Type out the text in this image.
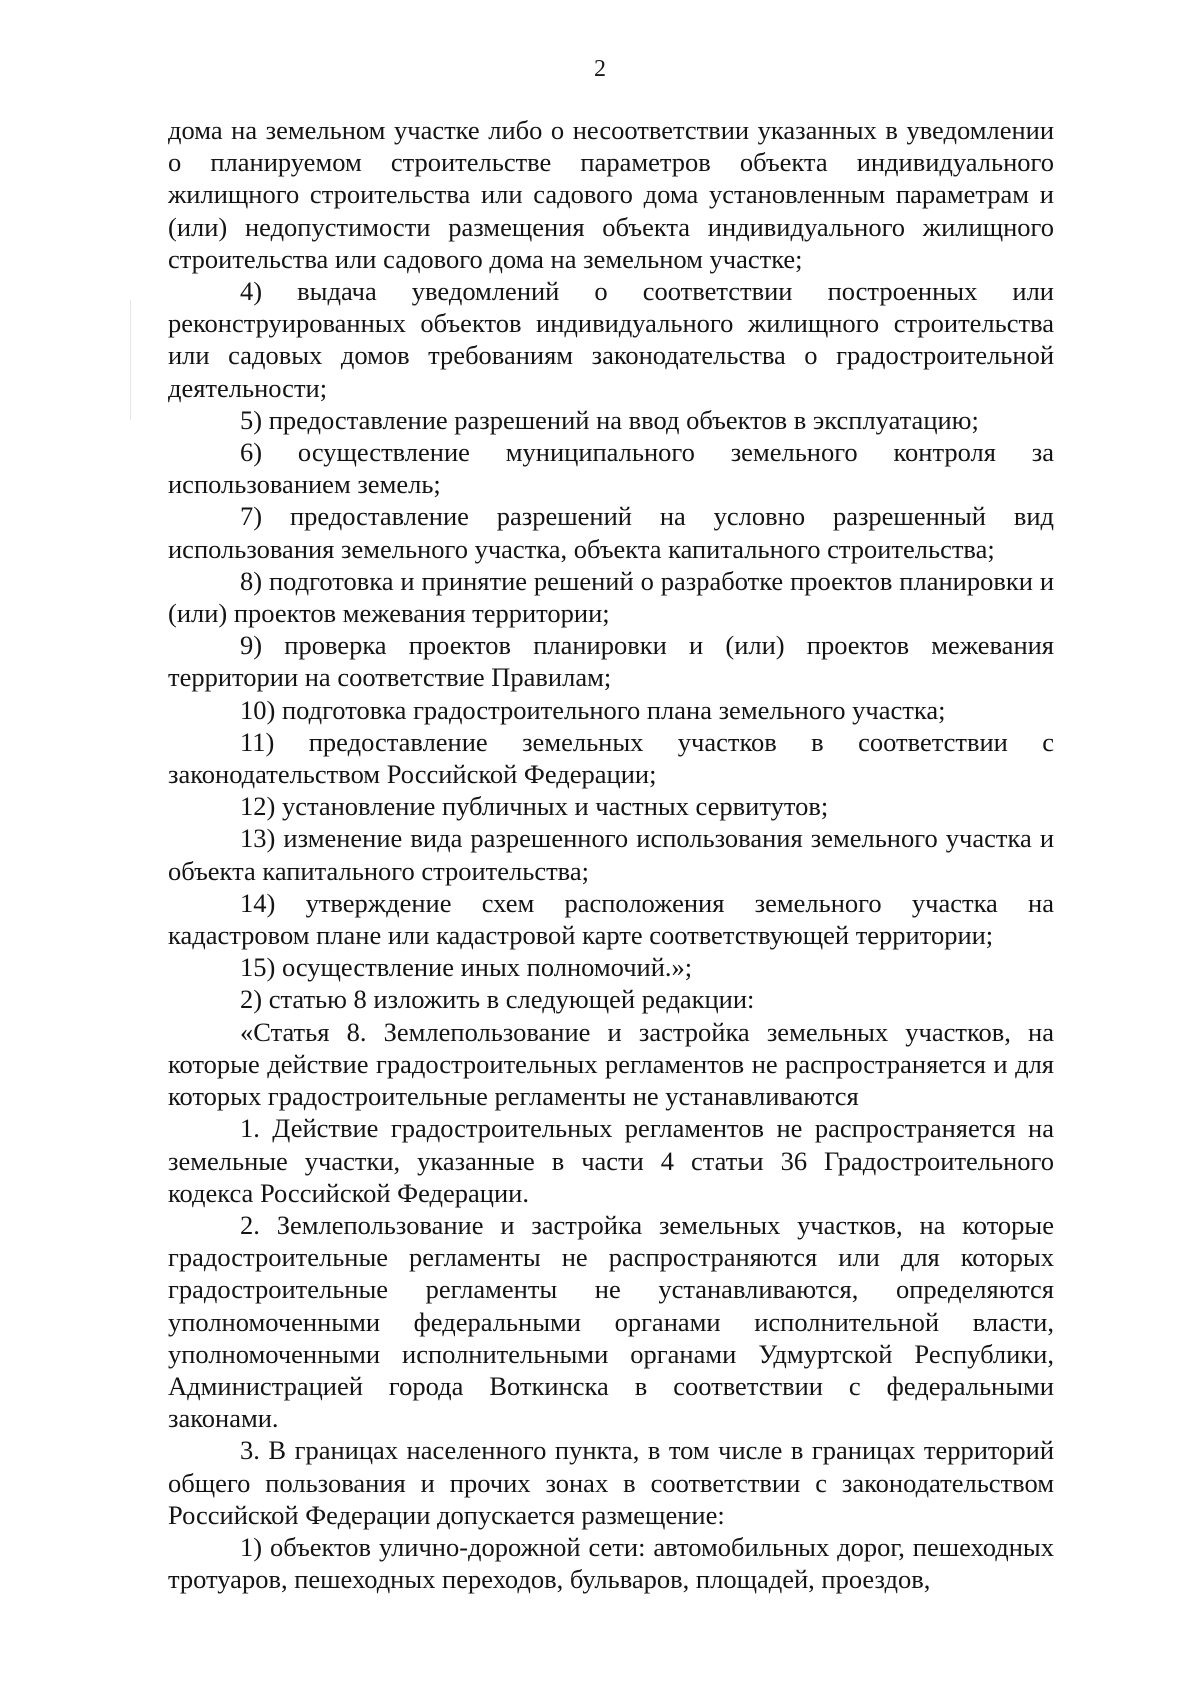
2

дома на земельном участке либо о несоответствии указанных в уведомлении о планируемом строительстве параметров объекта индивидуального жилищного строительства или садового дома установленным параметрам и (или) недопустимости размещения объекта индивидуального жилищного строительства или садового дома на земельном участке;

4) выдача уведомлений о соответствии построенных или реконструированных объектов индивидуального жилищного строительства или садовых домов требованиям законодательства о градостроительной деятельности;

5) предоставление разрешений на ввод объектов в эксплуатацию;

6) осуществление муниципального земельного контроля за использованием земель;

7) предоставление разрешений на условно разрешенный вид использования земельного участка, объекта капитального строительства;

8) подготовка и принятие решений о разработке проектов планировки и (или) проектов межевания территории;

9) проверка проектов планировки и (или) проектов межевания территории на соответствие Правилам;

10) подготовка градостроительного плана земельного участка;

11) предоставление земельных участков в соответствии с законодательством Российской Федерации;

12) установление публичных и частных сервитутов;

13) изменение вида разрешенного использования земельного участка и объекта капитального строительства;

14) утверждение схем расположения земельного участка на кадастровом плане или кадастровой карте соответствующей территории;

15) осуществление иных полномочий.»;

2) статью 8 изложить в следующей редакции:

«Статья 8. Землепользование и застройка земельных участков, на которые действие градостроительных регламентов не распространяется и для которых градостроительные регламенты не устанавливаются

1. Действие градостроительных регламентов не распространяется на земельные участки, указанные в части 4 статьи 36 Градостроительного кодекса Российской Федерации.

2. Землепользование и застройка земельных участков, на которые градостроительные регламенты не распространяются или для которых градостроительные регламенты не устанавливаются, определяются уполномоченными федеральными органами исполнительной власти, уполномоченными исполнительными органами Удмуртской Республики, Администрацией города Воткинска в соответствии с федеральными законами.

3. В границах населенного пункта, в том числе в границах территорий общего пользования и прочих зонах в соответствии с законодательством Российской Федерации допускается размещение:

1) объектов улично-дорожной сети: автомобильных дорог, пешеходных тротуаров, пешеходных переходов, бульваров, площадей, проездов,
